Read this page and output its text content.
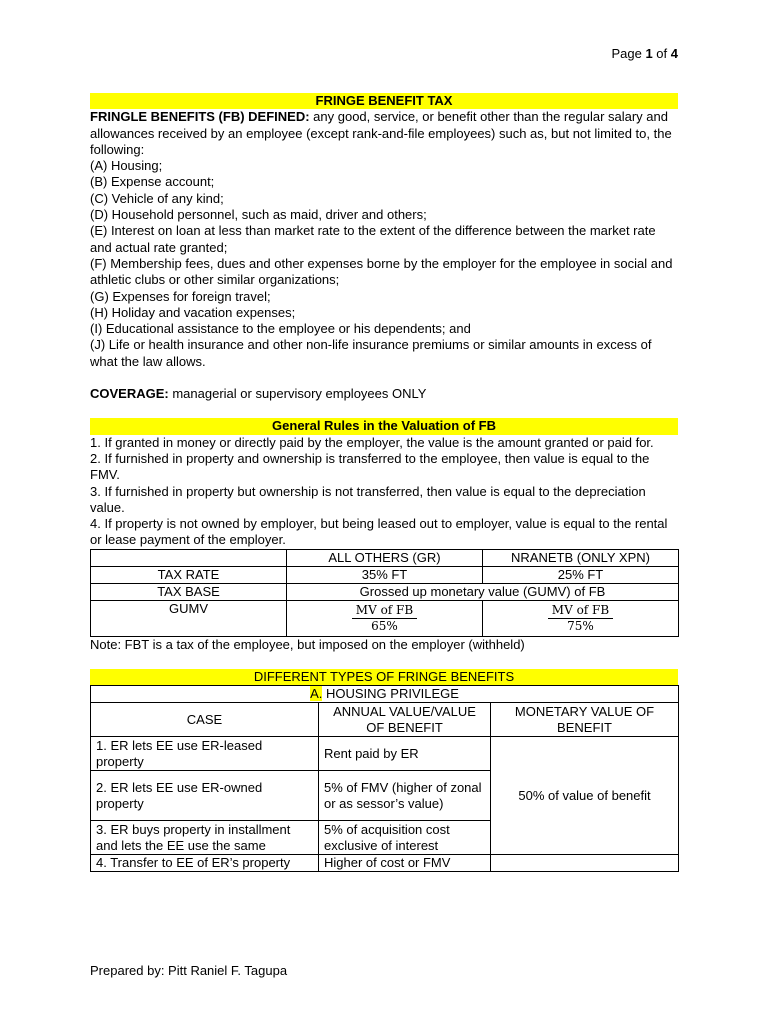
Page 1 of 4
FRINGE BENEFIT TAX

FRINGLE BENEFITS (FB) DEFINED: any good, service, or benefit other than the regular salary and allowances received by an employee (except rank-and-file employees) such as, but not limited to, the following:

(A) Housing;
(B) Expense account;
(C) Vehicle of any kind;
(D) Household personnel, such as maid, driver and others;
(E) Interest on loan at less than market rate to the extent of the difference between the market rate and actual rate granted;
(F) Membership fees, dues and other expenses borne by the employer for the employee in social and athletic clubs or other similar organizations;
(G) Expenses for foreign travel;
(H) Holiday and vacation expenses;
(I) Educational assistance to the employee or his dependents; and
(J) Life or health insurance and other non-life insurance premiums or similar amounts in excess of what the law allows.

COVERAGE: managerial or supervisory employees ONLY

General Rules in the Valuation of FB
1. If granted in money or directly paid by the employer, the value is the amount granted or paid for.
2. If furnished in property and ownership is transferred to the employee, then value is equal to the FMV.
3. If furnished in property but ownership is not transferred, then value is equal to the depreciation value.
4. If property is not owned by employer, but being leased out to employer, value is equal to the rental or lease payment of the employer.
	ALL OTHERS (GR)	NRANETB (ONLY XPN)
TAX RATE	35% FT	25% FT
TAX BASE	Grossed up monetary value (GUMV) of FB	
GUMV	$\frac{\text{MV of FB}}{65\%}$	$\frac{\text{MV of FB}}{75\%}$
Note: FBT is a tax of the employee, but imposed on the employer (withheld)
DIFFERENT TYPES OF FRINGE BENEFITS
A. HOUSING PRIVILEGE		
CASE	ANNUAL VALUE/VALUE OF BENEFIT	MONETARY VALUE OF BENEFIT
1. ER lets EE use ER-leased property	Rent paid by ER	50% of value of benefit
2. ER lets EE use ER-owned property	5% of FMV (higher of zonal or as sessor’s value)	
3. ER buys property in installment and lets the EE use the same	5% of acquisition cost exclusive of interest	
4. Transfer to EE of ER’s property	Higher of cost or FMV	
Prepared by: Pitt Raniel F. Tagupa
